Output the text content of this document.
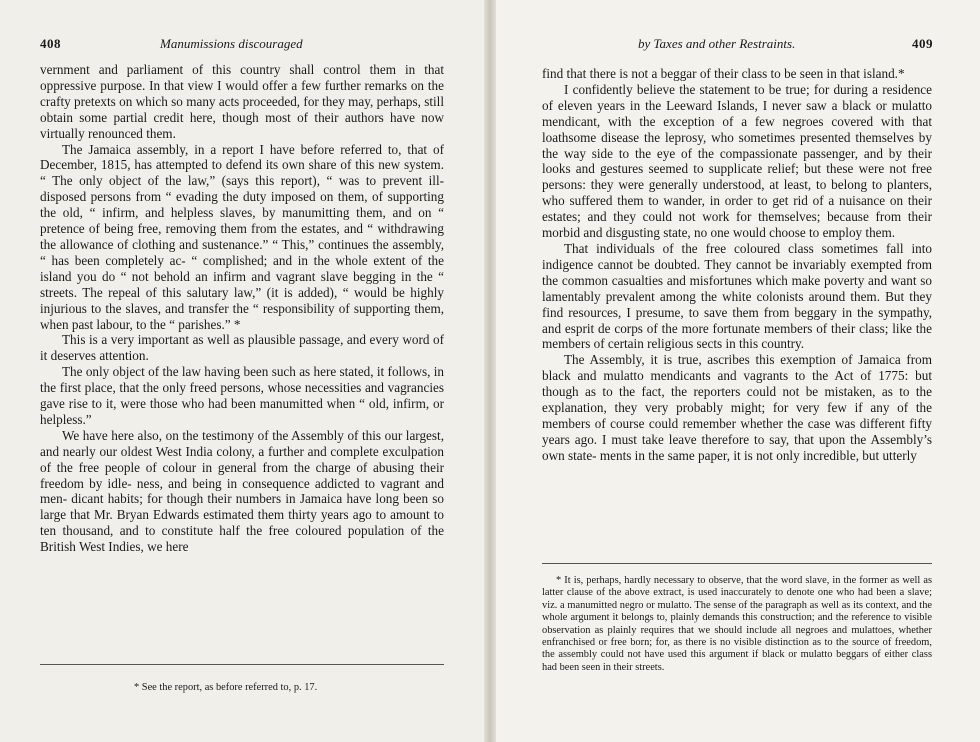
408	Manumissions discouraged

vernment and parliament of this country shall control them in that oppressive purpose. In that view I would offer a few further remarks on the crafty pretexts on which so many acts proceeded, for they may, perhaps, still obtain some partial credit here, though most of their authors have now virtually renounced them.

The Jamaica assembly, in a report I have before referred to, that of December, 1815, has attempted to defend its own share of this new system. “ The only object of the law,” (says this report), “ was to prevent ill-disposed persons from “ evading the duty imposed on them, of supporting the old, “ infirm, and helpless slaves, by manumitting them, and on “ pretence of being free, removing them from the estates, and “ withdrawing the allowance of clothing and sustenance.” “ This,” continues the assembly, “ has been completely ac- “ complished; and in the whole extent of the island you do “ not behold an infirm and vagrant slave begging in the “ streets. The repeal of this salutary law,” (it is added), “ would be highly injurious to the slaves, and transfer the “ responsibility of supporting them, when past labour, to the “ parishes.” *

This is a very important as well as plausible passage, and every word of it deserves attention.

The only object of the law having been such as here stated, it follows, in the first place, that the only freed persons, whose necessities and vagrancies gave rise to it, were those who had been manumitted when “ old, infirm, or helpless.”

We have here also, on the testimony of the Assembly of this our largest, and nearly our oldest West India colony, a further and complete exculpation of the free people of colour in general from the charge of abusing their freedom by idle- ness, and being in consequence addicted to vagrant and men- dicant habits; for though their numbers in Jamaica have long been so large that Mr. Bryan Edwards estimated them thirty years ago to amount to ten thousand, and to constitute half the free coloured population of the British West Indies, we here

* See the report, as before referred to, p. 17.

by Taxes and other Restraints.	409

find that there is not a beggar of their class to be seen in that island.*

I confidently believe the statement to be true; for during a residence of eleven years in the Leeward Islands, I never saw a black or mulatto mendicant, with the exception of a few negroes covered with that loathsome disease the leprosy, who sometimes presented themselves by the way side to the eye of the compassionate passenger, and by their looks and gestures seemed to supplicate relief; but these were not free persons: they were generally understood, at least, to belong to planters, who suffered them to wander, in order to get rid of a nuisance on their estates; and they could not work for themselves; because from their morbid and disgusting state, no one would choose to employ them.

That individuals of the free coloured class sometimes fall into indigence cannot be doubted. They cannot be invariably exempted from the common casualties and misfortunes which make poverty and want so lamentably prevalent among the white colonists around them. But they find resources, I presume, to save them from beggary in the sympathy, and esprit de corps of the more fortunate members of their class; like the members of certain religious sects in this country.

The Assembly, it is true, ascribes this exemption of Jamaica from black and mulatto mendicants and vagrants to the Act of 1775: but though as to the fact, the reporters could not be mistaken, as to the explanation, they very probably might; for very few if any of the members of course could remember whether the case was different fifty years ago. I must take leave therefore to say, that upon the Assembly’s own state- ments in the same paper, it is not only incredible, but utterly

* It is, perhaps, hardly necessary to observe, that the word slave, in the former as well as latter clause of the above extract, is used inaccurately to denote one who had been a slave; viz. a manumitted negro or mulatto. The sense of the paragraph as well as its context, and the whole argument it belongs to, plainly demands this construction; and the reference to visible observation as plainly requires that we should include all negroes and mulattoes, whether enfranchised or free born; for, as there is no visible distinction as to the source of freedom, the assembly could not have used this argument if black or mulatto beggars of either class had been seen in their streets.
